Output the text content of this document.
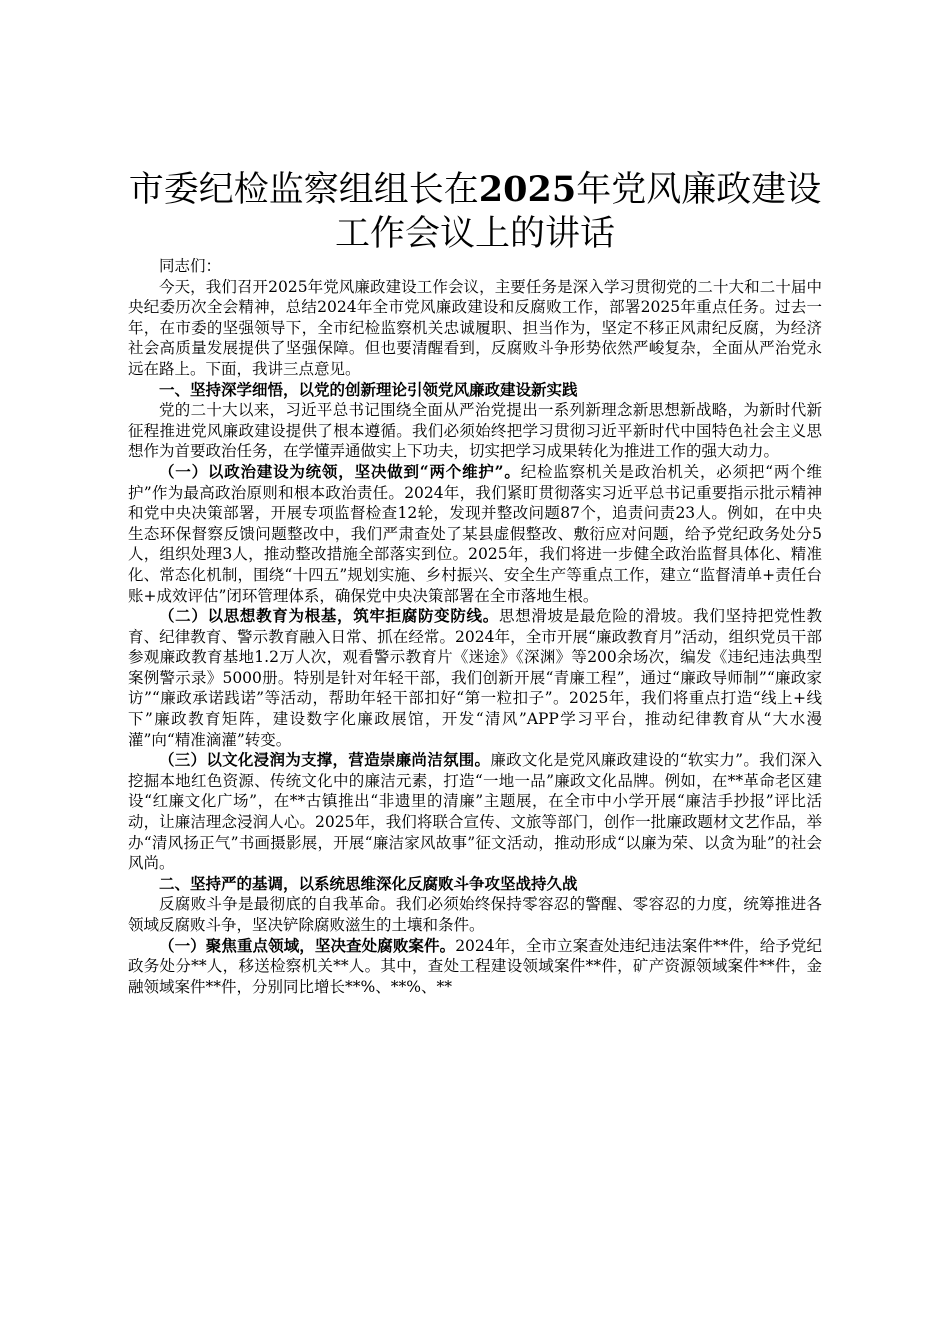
市委纪检监察组组长在2025年党风廉政建设
工作会议上的讲话

同志们：

今天，我们召开2025年党风廉政建设工作会议，主要任务是深入学习贯彻党的二十大和二十届中央纪委历次全会精神，总结2024年全市党风廉政建设和反腐败工作，部署2025年重点任务。过去一年，在市委的坚强领导下，全市纪检监察机关忠诚履职、担当作为，坚定不移正风肃纪反腐，为经济社会高质量发展提供了坚强保障。但也要清醒看到，反腐败斗争形势依然严峻复杂，全面从严治党永远在路上。下面，我讲三点意见。

一、坚持深学细悟，以党的创新理论引领党风廉政建设新实践

党的二十大以来，习近平总书记围绕全面从严治党提出一系列新理念新思想新战略，为新时代新征程推进党风廉政建设提供了根本遵循。我们必须始终把学习贯彻习近平新时代中国特色社会主义思想作为首要政治任务，在学懂弄通做实上下功夫，切实把学习成果转化为推进工作的强大动力。

（一）以政治建设为统领，坚决做到“两个维护”。纪检监察机关是政治机关，必须把“两个维护”作为最高政治原则和根本政治责任。2024年，我们紧盯贯彻落实习近平总书记重要指示批示精神和党中央决策部署，开展专项监督检查12轮，发现并整改问题87个，追责问责23人。例如，在中央生态环保督察反馈问题整改中，我们严肃查处了某县虚假整改、敷衍应对问题，给予党纪政务处分5人，组织处理3人，推动整改措施全部落实到位。2025年，我们将进一步健全政治监督具体化、精准化、常态化机制，围绕“十四五”规划实施、乡村振兴、安全生产等重点工作，建立“监督清单+责任台账+成效评估”闭环管理体系，确保党中央决策部署在全市落地生根。

（二）以思想教育为根基，筑牢拒腐防变防线。思想滑坡是最危险的滑坡。我们坚持把党性教育、纪律教育、警示教育融入日常、抓在经常。2024年，全市开展“廉政教育月”活动，组织党员干部参观廉政教育基地1.2万人次，观看警示教育片《迷途》《深渊》等200余场次，编发《违纪违法典型案例警示录》5000册。特别是针对年轻干部，我们创新开展“青廉工程”，通过“廉政导师制”“廉政家访”“廉政承诺践诺”等活动，帮助年轻干部扣好“第一粒扣子”。2025年，我们将重点打造“线上+线下”廉政教育矩阵，建设数字化廉政展馆，开发“清风”APP学习平台，推动纪律教育从“大水漫灌”向“精准滴灌”转变。

（三）以文化浸润为支撑，营造崇廉尚洁氛围。廉政文化是党风廉政建设的“软实力”。我们深入挖掘本地红色资源、传统文化中的廉洁元素，打造“一地一品”廉政文化品牌。例如，在**革命老区建设“红廉文化广场”，在**古镇推出“非遗里的清廉”主题展，在全市中小学开展“廉洁手抄报”评比活动，让廉洁理念浸润人心。2025年，我们将联合宣传、文旅等部门，创作一批廉政题材文艺作品，举办“清风扬正气”书画摄影展，开展“廉洁家风故事”征文活动，推动形成“以廉为荣、以贪为耻”的社会风尚。

二、坚持严的基调，以系统思维深化反腐败斗争攻坚战持久战

反腐败斗争是最彻底的自我革命。我们必须始终保持零容忍的警醒、零容忍的力度，统筹推进各领域反腐败斗争，坚决铲除腐败滋生的土壤和条件。

（一）聚焦重点领域，坚决查处腐败案件。2024年，全市立案查处违纪违法案件**件，给予党纪政务处分**人，移送检察机关**人。其中，查处工程建设领域案件**件，矿产资源领域案件**件，金融领域案件**件，分别同比增长**%、**%、**
